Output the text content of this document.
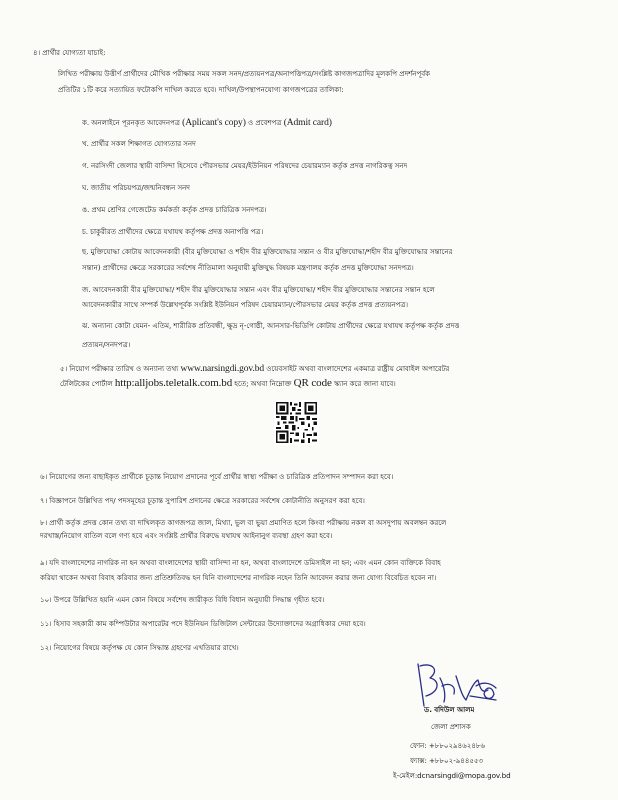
৪। প্রার্থীর যোগ্যতা যাচাই:
লিখিত পরীক্ষায় উত্তীর্ণ প্রার্থীদের মৌখিক পরীক্ষার সময় সকল সনদ/প্রত্যয়নপত্র/অনাপত্তিপত্র/সংশ্লিষ্ট কাগজপত্রাদির মূলকপি প্রদর্শনপূর্বক
প্রতিটির ১টি করে সত্যায়িত ফটোকপি দাখিল করতে হবে। দাখিল/উপস্থাপনযোগ্য কাগজপত্রের তালিকা:
ক. অনলাইনে পূরনকৃত আবেদনপত্র (Aplicant's copy) ও প্রবেশপত্র (Admit card)
খ. প্রার্থীর সকল শিক্ষাগত যোগ্যতার সনদ
গ. নরসিংদী জেলার স্থায়ী বাসিন্দা হিসেবে পৌরসভার মেয়র/ইউনিয়ন পরিষদের চেয়ারম্যান কর্তৃক প্রদত্ত নাগরিকত্ব সনদ
ঘ. জাতীয় পরিচয়পত্র/জন্মনিবন্ধন সনদ
ঙ. প্রথম শ্রেণির গেজেটেড কর্মকর্তা কর্তৃক প্রদত্ত চারিত্রিক সনদপত্র।
চ. চাকুরীরত প্রার্থীদের ক্ষেত্রে যথাযথ কর্তৃপক্ষ প্রদত্ত অনাপত্তি পত্র।
ছ. মুক্তিযোদ্ধা কোটায় আবেদনকারী (বীর মুক্তিযোদ্ধা ও শহীদ বীর মুক্তিযোদ্ধার সন্তান ও বীর মুক্তিযোদ্ধা/শহীদ বীর মুক্তিযোদ্ধার সন্তানের
সন্তান) প্রার্থীদের ক্ষেত্রে সরকারের সর্বশেষ নীতিমালা অনুযায়ী মুক্তিযুদ্ধ বিষয়ক মন্ত্রণালয় কর্তৃক প্রদত্ত মুক্তিযোদ্ধা সনদপত্র।
জ. আবেদনকারী বীর মুক্তিযোদ্ধা/ শহীদ বীর মুক্তিযোদ্ধার সন্তান এবং বীর মুক্তিযোদ্ধা/ শহীদ বীর মুক্তিযোদ্ধার সন্তানের সন্তান হলে
আবেদনকারীর সাথে সম্পর্ক উল্লেখপূর্বক সংশ্লিষ্ট ইউনিয়ন পরিষদ চেয়ারম্যান/পৌরসভার মেয়র কর্তৃক প্রদত্ত প্রত্যয়নপত্র।
ঝ. অন্যান্য কোটা যেমন- এতিম, শারীরিক প্রতিবন্ধী, ক্ষুদ্র নৃ-গোষ্ঠী, আনসার-ভিডিপি কোটায় প্রার্থীদের ক্ষেত্রে যথাযথ কর্তৃপক্ষ কর্তৃক প্রদত্ত
প্রত্যয়ন/সনদপত্র।
৫। নিয়োগ পরীক্ষার তারিখ ও অন্যান্য তথ্য www.narsingdi.gov.bd ওয়েবসাইট অথবা বাংলাদেশের একমাত্র রাষ্ট্রীয় মোবাইল অপারেটর
টেলিটকের পোর্টাল http:alljobs.teletalk.com.bd হতে; অথবা নিম্নোক্ত QR code স্ক্যান করে জানা যাবে।
৬। নিয়োগের জন্য বাছাইকৃত প্রার্থীকে চূড়ান্ত নিয়োগ প্রদানের পূর্বে প্রার্থীর স্বাস্থ্য পরীক্ষা ও চারিত্রিক প্রতিপাদন সম্পাদন করা হবে।
৭। বিজ্ঞাপনে উল্লিখিত পদ/ পদসমূহের চূড়ান্ত সুপারিশ প্রদানের ক্ষেত্রে সরকারের সর্বশেষ কোটানীতি অনুসরণ করা হবে।
৮। প্রার্থী কর্তৃক প্রদত্ত কোন তথ্য বা দাখিলকৃত কাগজপত্র জাল, মিথ্যা, ভুল বা ভুয়া প্রমাণিত হলে কিংবা পরীক্ষায় নকল বা অসদুপায় অবলম্বন করলে
দরখাস্ত/নিয়োগ বাতিল বলে গণ্য হবে এবং সংশ্লিষ্ট প্রার্থীর বিরুদ্ধে যথাযথ আইনানুগ ব্যবস্থা গ্রহণ করা হবে।
৯। যদি বাংলাদেশের নাগরিক না হন অথবা বাংলাদেশের স্থায়ী বাসিন্দা না হন, অথবা বাংলাদেশে ডমিসাইল না হন; এবং এমন কোন ব্যক্তিকে বিবাহ
করিয়া থাকেন অথবা বিবাহ করিবার জন্য প্রতিশ্রুতিবদ্ধ হন যিনি বাংলাদেশের নাগরিক নহেন তিনি আবেদন করার জন্য যোগ্য বিবেচিত হবেন না।
১০। উপরে উল্লিখিত হয়নি এমন কোন বিষয়ে সর্বশেষ জারীকৃত বিধি বিধান অনুযায়ী সিদ্ধান্ত গৃহীত হবে।
১১। হিসাব সহকারী কাম কম্পিউটার অপারেটর পদে ইউনিয়ন ডিজিটাল সেন্টারের উদ্যোক্তাদের অগ্রাধিকার দেয়া হবে।
১২। নিয়োগের বিষয়ে কর্তৃপক্ষ যে কোন সিদ্ধান্ত গ্রহণের এখতিয়ার রাখে।
ড. বদিউল আলম
জেলা প্রশাসক
ফোন: +৮৮০২৯৪৬২৪৮৬
ফ্যাক্স: +৮৮০২-৯৪৪৫৫৩
ই-মেইল:dcnarsingdi@mopa.gov.bd
